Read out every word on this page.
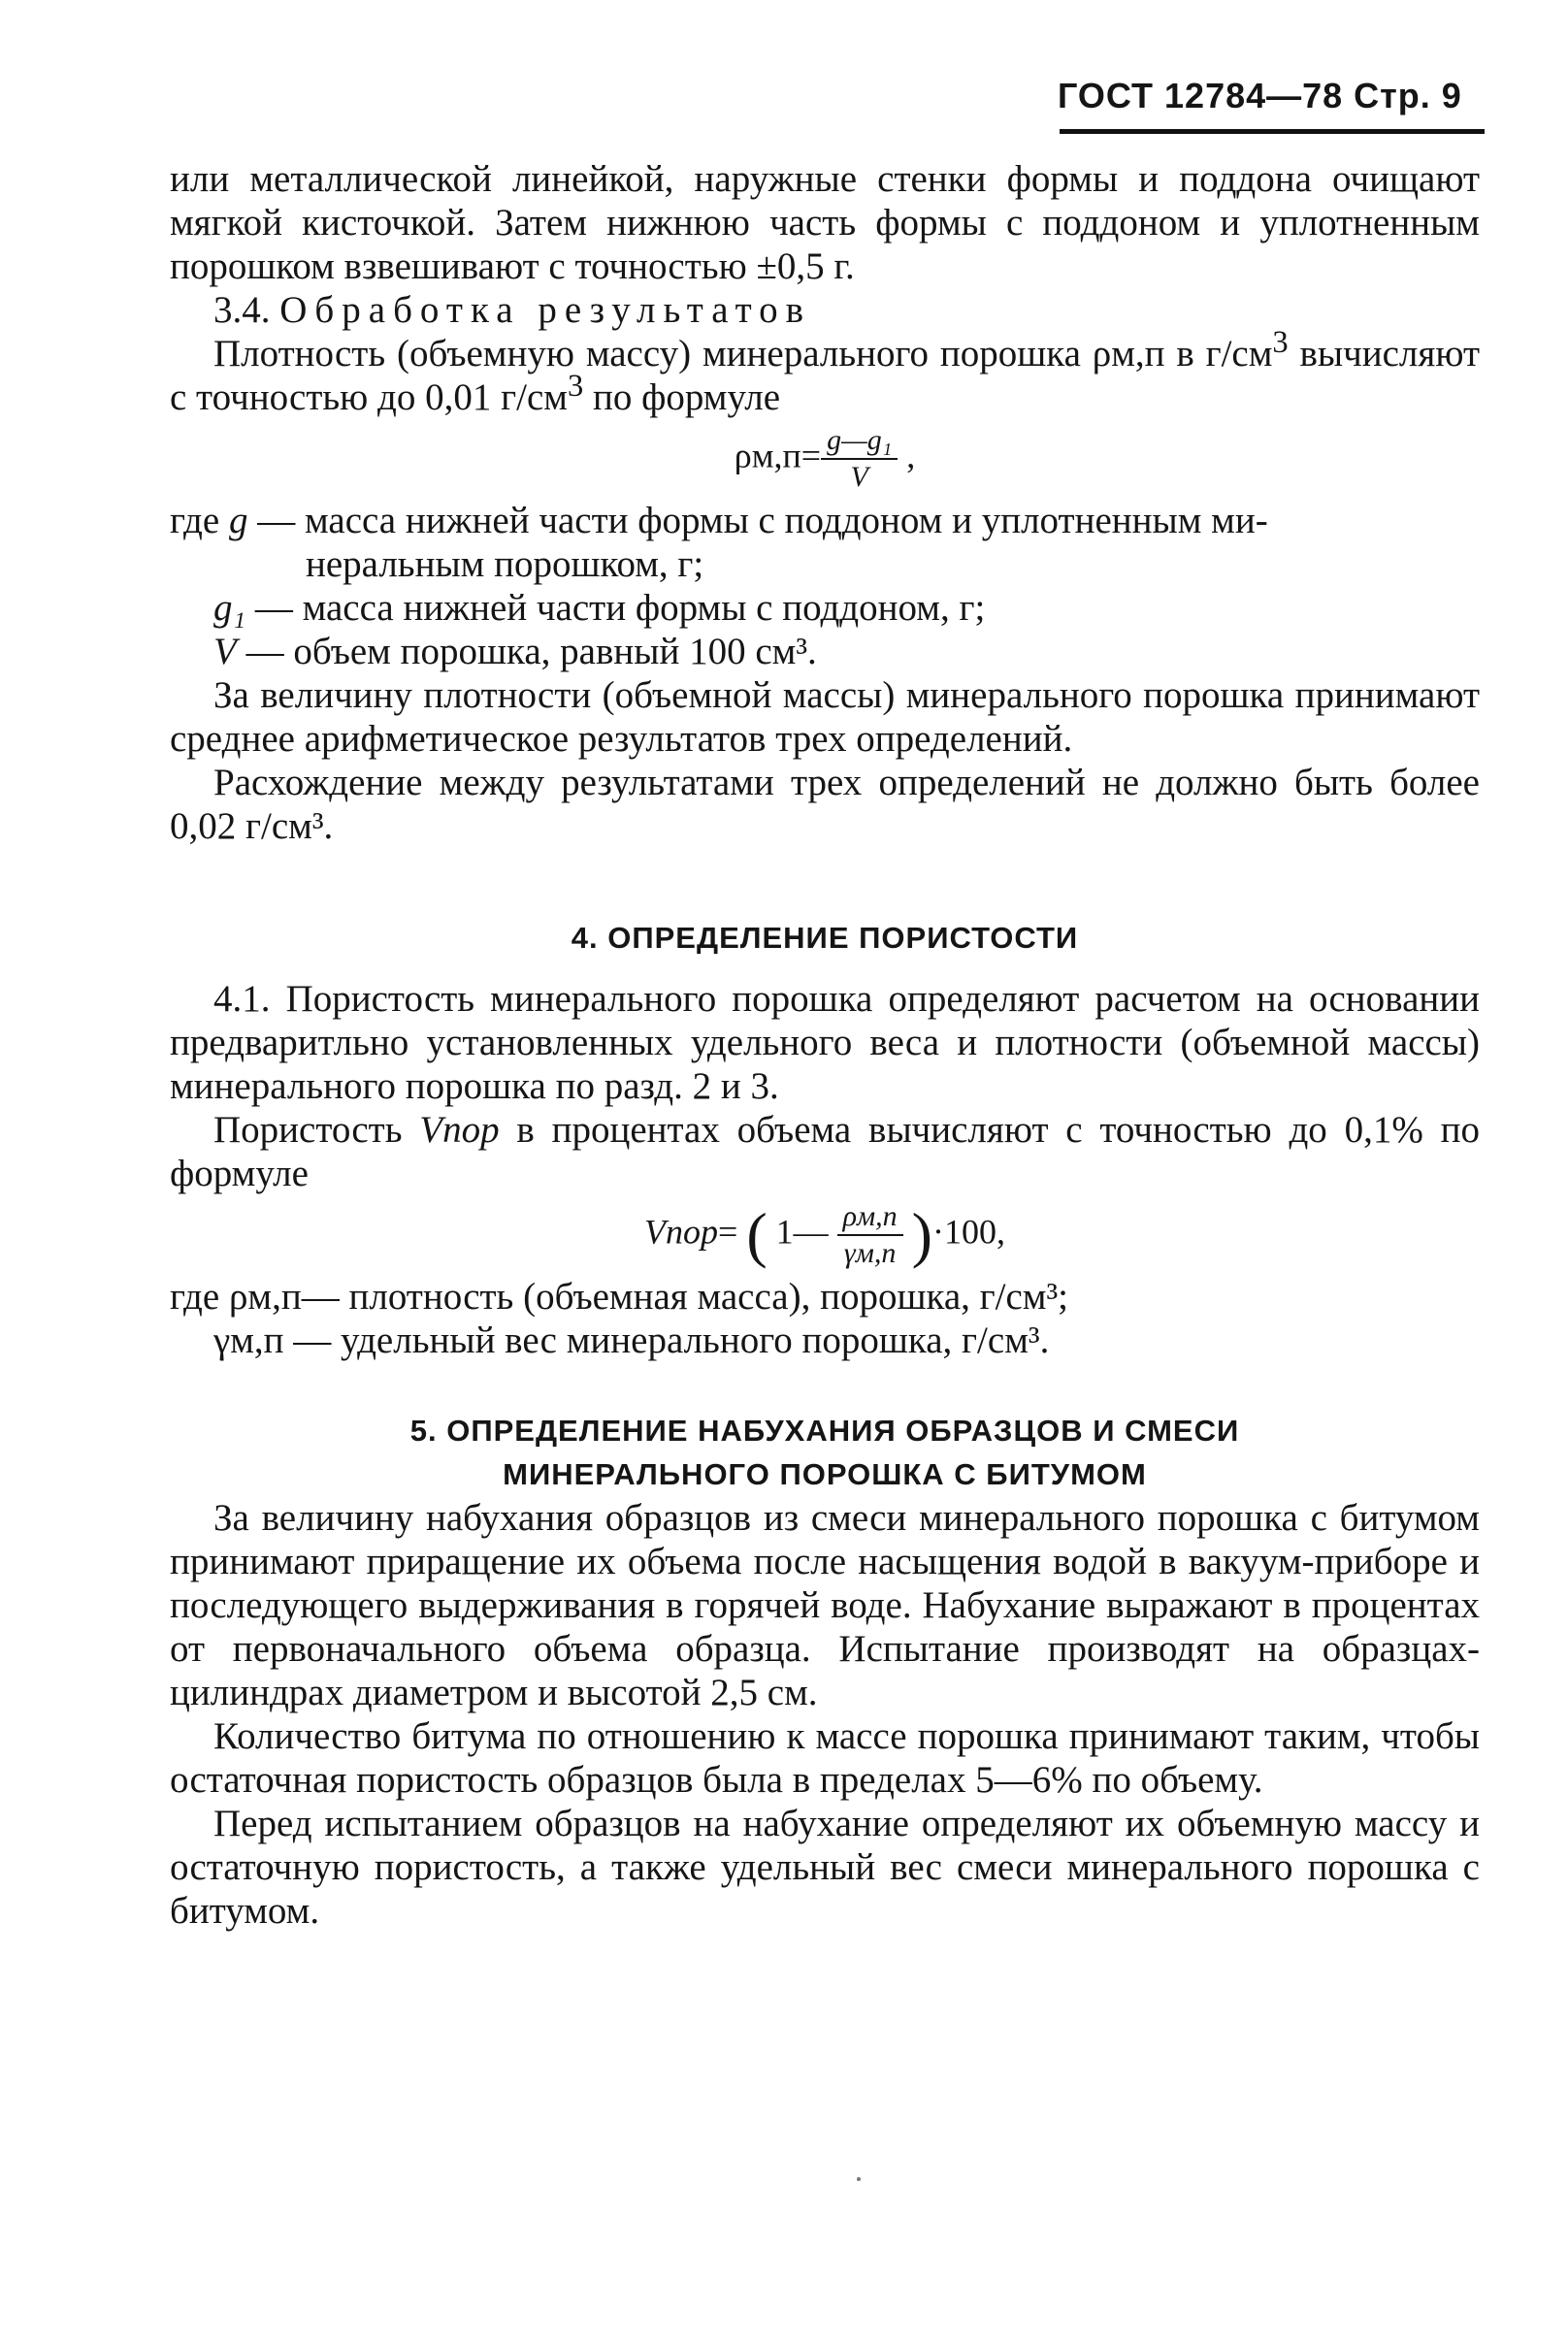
ГОСТ 12784—78 Стр. 9

или металлической линейкой, наружные стенки формы и поддона очищают мягкой кисточкой. Затем нижнюю часть формы с поддоном и уплотненным порошком взвешивают с точностью ±0,5 г.

3.4. Обработка результатов

Плотность (объемную массу) минерального порошка ρм,п в $г/см^3$ вычисляют с точностью до 0,01 $г/см^3$ по формуле

$\rho м,п= \frac{\text{g—g₁}}{V}$ ,
где g — масса нижней части формы с поддоном и уплотненным ми-
неральным порошком, г;
g₁ — масса нижней части формы с поддоном, г;
V — объем порошка, равный 100 см³.

За величину плотности (объемной массы) минерального порошка принимают среднее арифметическое результатов трех определений.

Расхождение между результатами трех определений не должно быть более 0,02 г/см³.

4. ОПРЕДЕЛЕНИЕ ПОРИСТОСТИ

4.1. Пористость минерального порошка определяют расчетом на основании предваритльно установленных удельного веса и плотности (объемной массы) минерального порошка по разд. 2 и 3.

Пористость Vпор в процентах объема вычисляют с точностью до 0,1% по формуле

Vпор= ( 1— $\frac{\rho м,п}{\gamma м,п} )\cdot 100$,
где ρм,п— плотность (объемная масса), порошка, г/см³;
γм,п — удельный вес минерального порошка, г/см³.
5. ОПРЕДЕЛЕНИЕ НАБУХАНИЯ ОБРАЗЦОВ И СМЕСИ
МИНЕРАЛЬНОГО ПОРОШКА С БИТУМОМ

За величину набухания образцов из смеси минерального порошка с битумом принимают приращение их объема после насыщения водой в вакуум-приборе и последующего выдерживания в горячей воде. Набухание выражают в процентах от первоначального объема образца. Испытание производят на образцах-цилиндрах диаметром и высотой 2,5 см.

Количество битума по отношению к массе порошка принимают таким, чтобы остаточная пористость образцов была в пределах 5—6% по объему.

Перед испытанием образцов на набухание определяют их объемную массу и остаточную пористость, а также удельный вес смеси минерального порошка с битумом.
